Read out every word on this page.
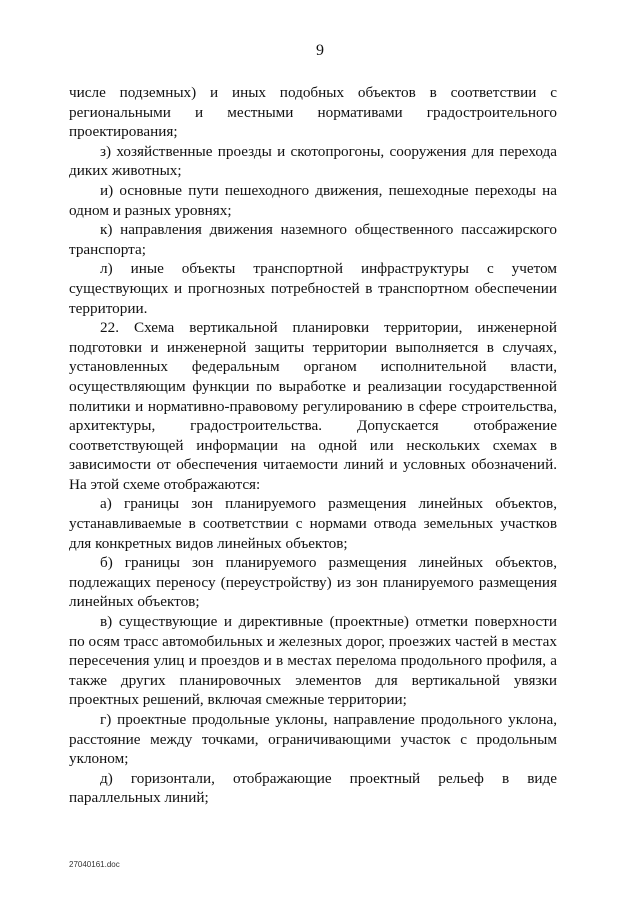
9

числе подземных) и иных подобных объектов в соответствии с региональными и местными нормативами градостроительного проектирования;

з) хозяйственные проезды и скотопрогоны, сооружения для перехода диких животных;

и) основные пути пешеходного движения, пешеходные переходы на одном и разных уровнях;

к) направления движения наземного общественного пассажирского транспорта;

л) иные объекты транспортной инфраструктуры с учетом существующих и прогнозных потребностей в транспортном обеспечении территории.

22. Схема вертикальной планировки территории, инженерной подготовки и инженерной защиты территории выполняется в случаях, установленных федеральным органом исполнительной власти, осуществляющим функции по выработке и реализации государственной политики и нормативно-правовому регулированию в сфере строительства, архитектуры, градостроительства. Допускается отображение соответствующей информации на одной или нескольких схемах в зависимости от обеспечения читаемости линий и условных обозначений. На этой схеме отображаются:

а) границы зон планируемого размещения линейных объектов, устанавливаемые в соответствии с нормами отвода земельных участков для конкретных видов линейных объектов;

б) границы зон планируемого размещения линейных объектов, подлежащих переносу (переустройству) из зон планируемого размещения линейных объектов;

в) существующие и директивные (проектные) отметки поверхности по осям трасс автомобильных и железных дорог, проезжих частей в местах пересечения улиц и проездов и в местах перелома продольного профиля, а также других планировочных элементов для вертикальной увязки проектных решений, включая смежные территории;

г) проектные продольные уклоны, направление продольного уклона, расстояние между точками, ограничивающими участок с продольным уклоном;

д) горизонтали, отображающие проектный рельеф в виде параллельных линий;

27040161.doc
